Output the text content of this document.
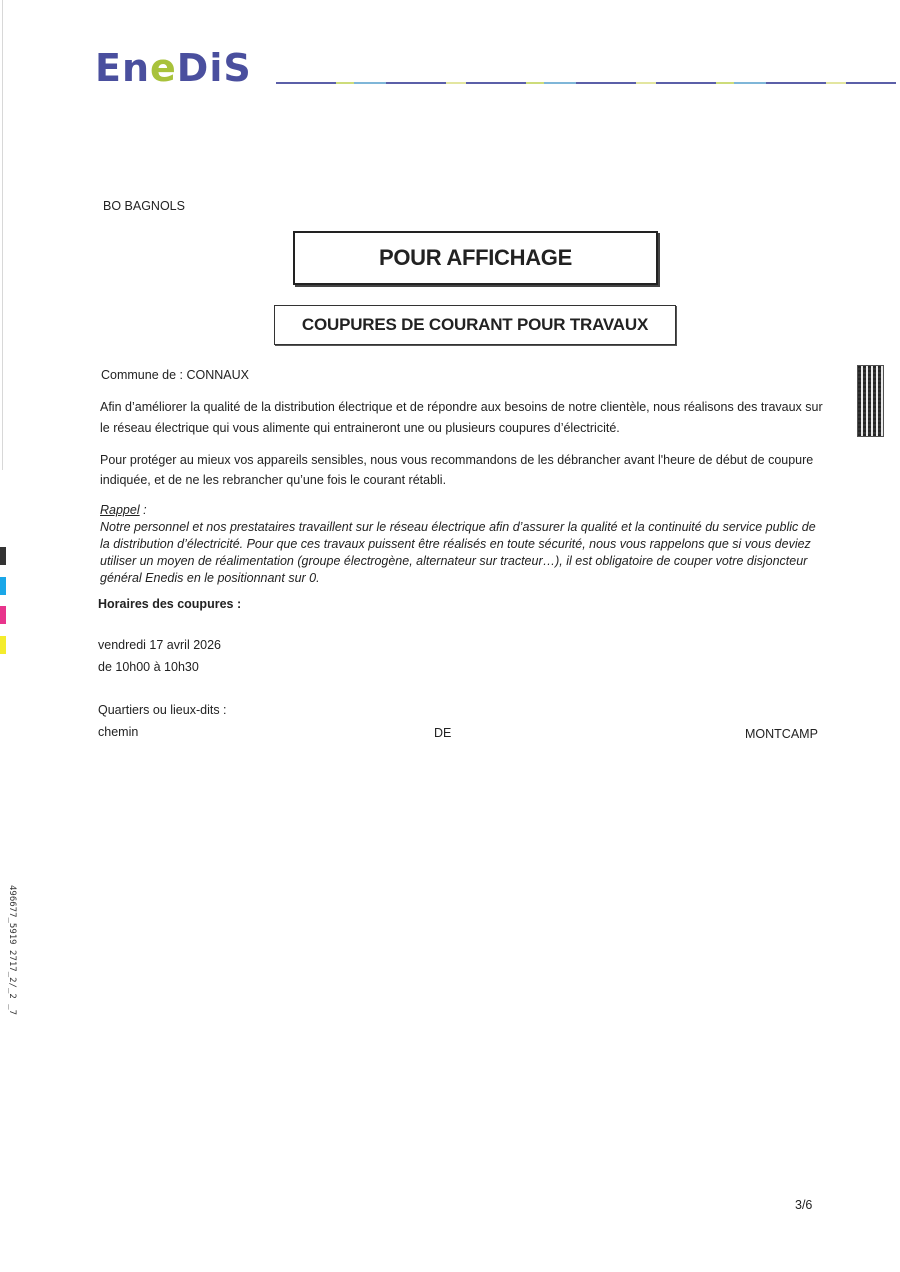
EneDiS
BO BAGNOLS
POUR AFFICHAGE
COUPURES DE COURANT POUR TRAVAUX
Commune de : CONNAUX
Afin d’améliorer la qualité de la distribution électrique et de répondre aux besoins de notre clientèle, nous réalisons des travaux sur le réseau électrique qui vous alimente qui entraineront une ou plusieurs coupures d’électricité.
Pour protéger au mieux vos appareils sensibles, nous vous recommandons de les débrancher avant l'heure de début de coupure indiquée, et de ne les rebrancher qu’une fois le courant rétabli.
Rappel :
Notre personnel et nos prestataires travaillent sur le réseau électrique afin d’assurer la qualité et la continuité du service public de la distribution d’électricité. Pour que ces travaux puissent être réalisés en toute sécurité, nous vous rappelons que si vous deviez utiliser un moyen de réalimentation (groupe électrogène, alternateur sur tracteur…), il est obligatoire de couper votre disjoncteur général Enedis en le positionnant sur 0.
Horaires des coupures :
vendredi 17 avril 2026
de 10h00 à 10h30
Quartiers ou lieux-dits :
chemin	DE	MONTCAMP
496677_5919 2717_2/_2 _7
3/6
